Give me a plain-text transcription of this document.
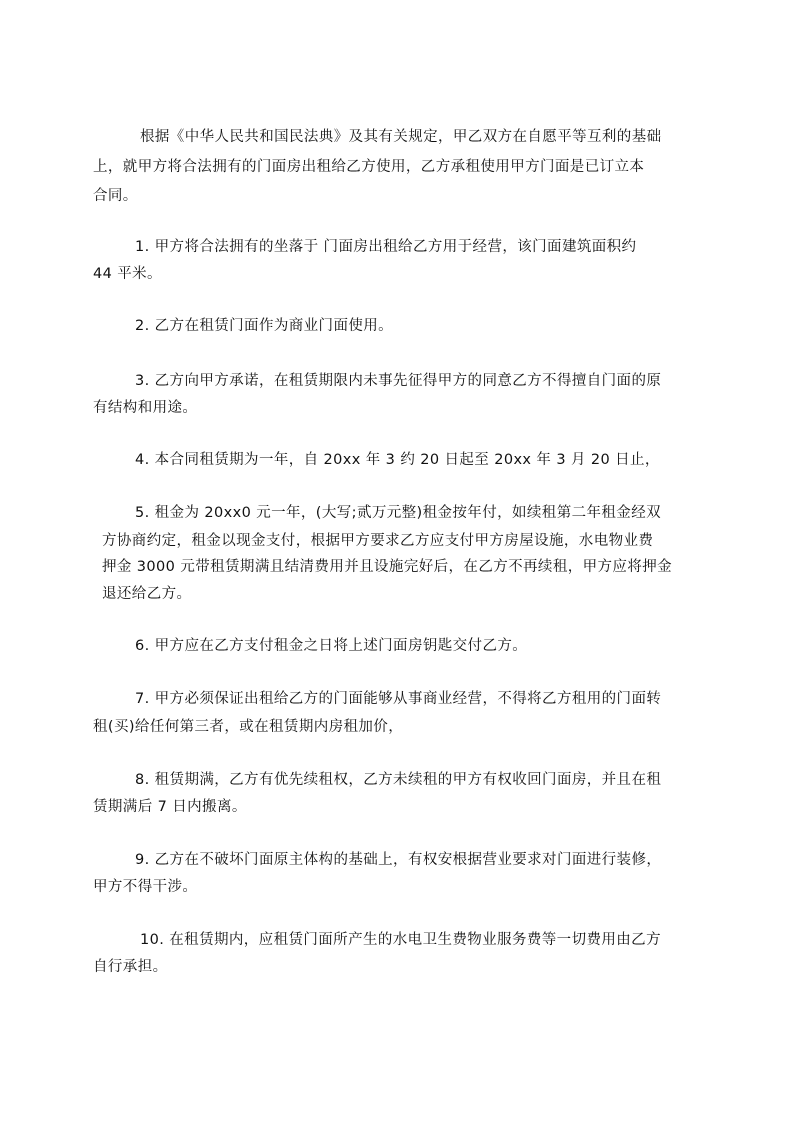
根据《中华人民共和国民法典》及其有关规定，甲乙双方在自愿平等互利的基础
上，就甲方将合法拥有的门面房出租给乙方使用，乙方承租使用甲方门面是已订立本
合同。
1. 甲方将合法拥有的坐落于 门面房出租给乙方用于经营，该门面建筑面积约
44 平米。
2. 乙方在租赁门面作为商业门面使用。
3. 乙方向甲方承诺，在租赁期限内未事先征得甲方的同意乙方不得擅自门面的原
有结构和用途。
4. 本合同租赁期为一年，自 20xx 年 3 约 20 日起至 20xx 年 3 月 20 日止，
5. 租金为 20xx0 元一年，(大写;贰万元整)租金按年付，如续租第二年租金经双
方协商约定，租金以现金支付，根据甲方要求乙方应支付甲方房屋设施，水电物业费
押金 3000 元带租赁期满且结清费用并且设施完好后，在乙方不再续租，甲方应将押金
退还给乙方。
6. 甲方应在乙方支付租金之日将上述门面房钥匙交付乙方。
7. 甲方必须保证出租给乙方的门面能够从事商业经营，不得将乙方租用的门面转
租(买)给任何第三者，或在租赁期内房租加价，
8. 租赁期满，乙方有优先续租权，乙方未续租的甲方有权收回门面房，并且在租
赁期满后 7 日内搬离。
9. 乙方在不破坏门面原主体构的基础上，有权安根据营业要求对门面进行装修，
甲方不得干涉。
10. 在租赁期内，应租赁门面所产生的水电卫生费物业服务费等一切费用由乙方
自行承担。
